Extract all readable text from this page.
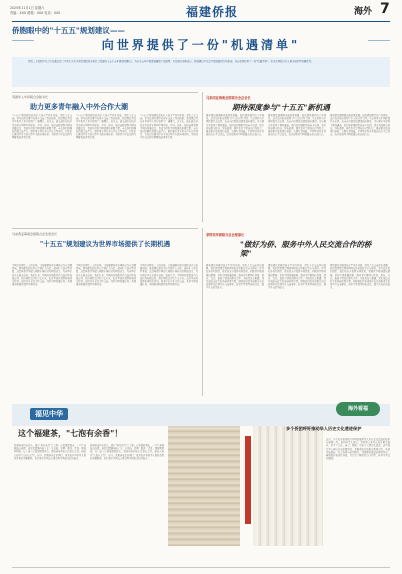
2025年11月1日 星期六
责编：XXX 邮箱：XXX 电话：XXX	福建侨报	海外 7
侨胞眼中的"十五五"规划建议——
向世界提供了一份"机遇清单"
党的二十届四中全会审议通过的《中共中央关于制定国民经济和社会发展第十五个五年规划的建议》，为未来五年中国发展描绘了新蓝图。多位海外侨胞表示，规划建议不仅是中国发展的行动指南，也向世界提供了一份"机遇清单"，将为世界经济注入更多稳定性和确定性。
英国华人华侨联合会秘书长
助力更多青年融入中外合作大潮
"十五五"规划建议提出扩大高水平对外开放，深化人文交流。作为长期从事中英青年交流工作的侨胞，我深感这为海外华侨华人青年提供了广阔舞台。近年来，越来越多的海外华裔青年回到中国参访、学习、创业，他们亲眼看到中国的发展变化，也成为讲好中国故事的重要力量。未来我们将继续搭建交流平台，组织更多青年参与中外合作项目，让他们在推动中外互利合作中实现自身价值，为增进中外民众相互理解贡献青春力量。
"十五五"规划建议提出扩大高水平对外开放，深化人文交流。作为长期从事中英青年交流工作的侨胞，我深感这为海外华侨华人青年提供了广阔舞台。近年来，越来越多的海外华裔青年回到中国参访、学习、创业，他们亲眼看到中国的发展变化，也成为讲好中国故事的重要力量。未来我们将继续搭建交流平台，组织更多青年参与中外合作项目，让他们在推动中外互利合作中实现自身价值，为增进中外民众相互理解贡献青春力量。
"十五五"规划建议提出扩大高水平对外开放，深化人文交流。作为长期从事中英青年交流工作的侨胞，我深感这为海外华侨华人青年提供了广阔舞台。近年来，越来越多的海外华裔青年回到中国参访、学习、创业，他们亲眼看到中国的发展变化，也成为讲好中国故事的重要力量。未来我们将继续搭建交流平台，组织更多青年参与中外合作项目，让他们在推动中外互利合作中实现自身价值，为增进中外民众相互理解贡献青春力量。
马来西亚海南会馆联合会总会长
期待深度参与"十五五"新机遇
规划建议强调推动高质量发展、加快建设现代化产业体系，这让海外侨商看到了巨大的合作空间。马来西亚与中国经贸往来密切，海南自由贸易港建设稳步推进，为东盟企业提供了便利通道。我们将积极组织侨商考察团，深度对接数字经济、绿色能源、现代农业等领域的合作机会，推动更多优质项目落地，实现互利共赢。中国坚持对外开放的决心不会改变，海外侨胞对中国发展前景充满信心。
规划建议强调推动高质量发展、加快建设现代化产业体系，这让海外侨商看到了巨大的合作空间。马来西亚与中国经贸往来密切，海南自由贸易港建设稳步推进，为东盟企业提供了便利通道。我们将积极组织侨商考察团，深度对接数字经济、绿色能源、现代农业等领域的合作机会，推动更多优质项目落地，实现互利共赢。中国坚持对外开放的决心不会改变，海外侨胞对中国发展前景充满信心。
规划建议强调推动高质量发展、加快建设现代化产业体系，这让海外侨商看到了巨大的合作空间。马来西亚与中国经贸往来密切，海南自由贸易港建设稳步推进，为东盟企业提供了便利通道。我们将积极组织侨商考察团，深度对接数字经济、绿色能源、现代农业等领域的合作机会，推动更多优质项目落地，实现互利共赢。中国坚持对外开放的决心不会改变，海外侨胞对中国发展前景充满信心。
马来西亚海南会馆联合会名誉会长
"十五五"规划建议为世界市场提供了长期机遇
中国是世界第二大经济体，其发展规划对全球经济具有重要影响。规划建议提出坚定不移扩大内需，稳步扩大制度型开放，这意味着中国超大规模市场将持续释放活力，为各国企业带来更多商机。我们认为，中国的开放政策具有连续性和稳定性，给外国投资者吃下定心丸。海外华商将发挥桥梁纽带作用，促进中外企业合作交流，共享中国发展红利，共同推动构建开放型世界经济。
中国是世界第二大经济体，其发展规划对全球经济具有重要影响。规划建议提出坚定不移扩大内需，稳步扩大制度型开放，这意味着中国超大规模市场将持续释放活力，为各国企业带来更多商机。我们认为，中国的开放政策具有连续性和稳定性，给外国投资者吃下定心丸。海外华商将发挥桥梁纽带作用，促进中外企业合作交流，共享中国发展红利，共同推动构建开放型世界经济。
中国是世界第二大经济体，其发展规划对全球经济具有重要影响。规划建议提出坚定不移扩大内需，稳步扩大制度型开放，这意味着中国超大规模市场将持续释放活力，为各国企业带来更多商机。我们认为，中国的开放政策具有连续性和稳定性，给外国投资者吃下定心丸。海外华商将发挥桥梁纽带作用，促进中外企业合作交流，共享中国发展红利，共同推动构建开放型世界经济。
菲律宾华商联合总会理事长
"做好为侨、服务中外人民交流合作的桥梁"
规划建议对推进高水平对外开放、深化人文交流作出部署。我们深切感受到祖国对海外侨胞的关心与期待。作为海外侨社组织，我们将充分发挥自身优势，积极宣介规划建议精神，讲好中国发展故事，推动菲中两国在经贸、教育、文化、旅游等领域的务实合作，为促进民心相通、深化双边友好关系贡献侨界力量。同时我们也希望更多海外侨胞青年投身中外交流事业，传承中华优秀传统文化，做中外友好的使者。
规划建议对推进高水平对外开放、深化人文交流作出部署。我们深切感受到祖国对海外侨胞的关心与期待。作为海外侨社组织，我们将充分发挥自身优势，积极宣介规划建议精神，讲好中国发展故事，推动菲中两国在经贸、教育、文化、旅游等领域的务实合作，为促进民心相通、深化双边友好关系贡献侨界力量。同时我们也希望更多海外侨胞青年投身中外交流事业，传承中华优秀传统文化，做中外友好的使者。
规划建议对推进高水平对外开放、深化人文交流作出部署。我们深切感受到祖国对海外侨胞的关心与期待。作为海外侨社组织，我们将充分发挥自身优势，积极宣介规划建议精神，讲好中国发展故事，推动菲中两国在经贸、教育、文化、旅游等领域的务实合作，为促进民心相通、深化双边友好关系贡献侨界力量。同时我们也希望更多海外侨胞青年投身中外交流事业，传承中华优秀传统文化，做中外友好的使者。
福见中华	海外看福
这个福建茶，"七泡有余香"！
武夷岩茶历史悠久，素有"岩骨花香"之美誉。在福建武夷山，一片片茶园依山而建，茶农们遵循传统工艺，从采摘、萎凋、做青、杀青、揉捻到烘焙，每一道工序都凝聚着匠心。优质岩茶冲泡七次仍有余香，被茶人称为"七泡有余香"。如今，武夷岩茶走出国门，成为海外华侨华人寄托乡愁的重要载体，也让更多外国友人感受到中国茶文化的魅力。
武夷岩茶历史悠久，素有"岩骨花香"之美誉。在福建武夷山，一片片茶园依山而建，茶农们遵循传统工艺，从采摘、萎凋、做青、杀青、揉捻到烘焙，每一道工序都凝聚着匠心。优质岩茶冲泡七次仍有余香，被茶人称为"七泡有余香"。如今，武夷岩茶走出国门，成为海外华侨华人寄托乡愁的重要载体，也让更多外国友人感受到中国茶文化的魅力。
多个侨团呼吁推动华人历史文化遗迹保护
近日，多个海外侨团联合呼吁加强对华人历史文化遗迹的保护与修缮工作。侨团负责人表示，早期华人先辈在海外艰苦创业，留下了会馆、庙宇、墓园、学校等大量历史遗迹，这些都是华人移民史的重要见证，承载着海外侨胞的集体记忆。希望当地政府、社会各界与侨团携手，共同做好遗迹的调查登记、修缮保护和活化利用，让后代了解先辈奋斗历程，传承中华文化根脉。
